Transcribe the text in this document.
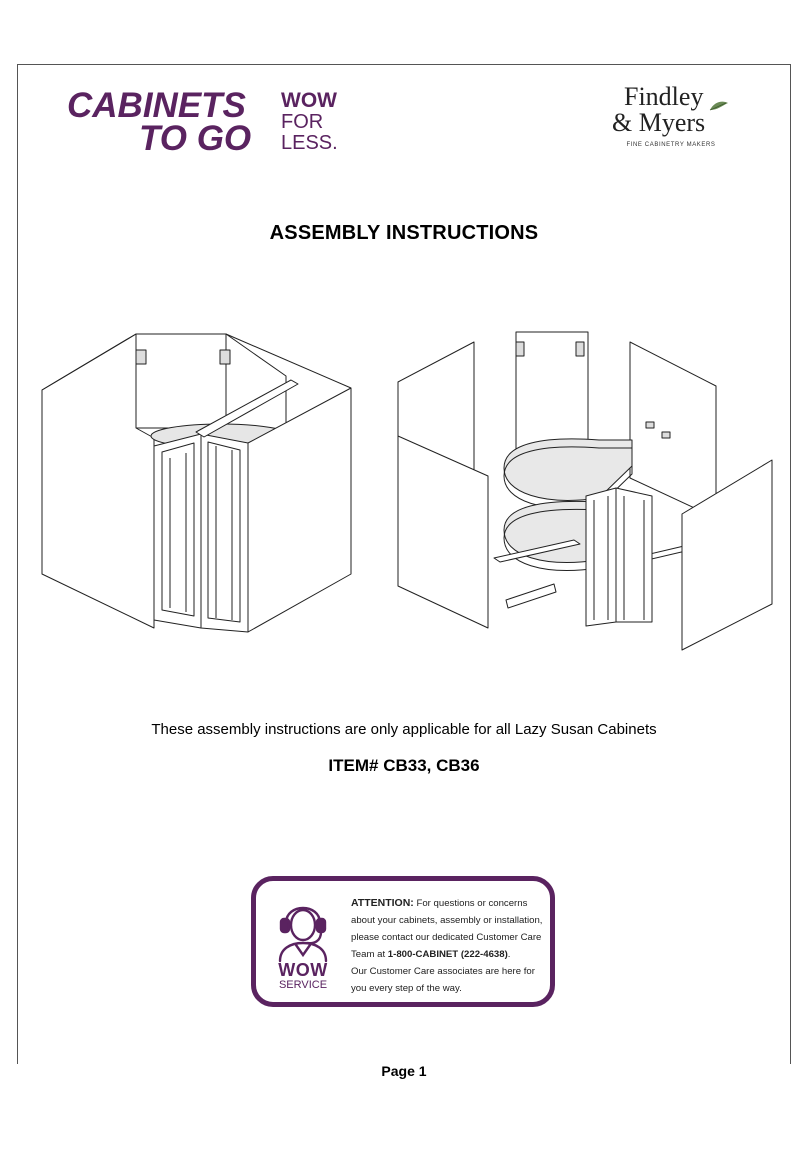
CABINETS
TO GO
WOW
FOR
LESS.
Findley
& Myers
FINE CABINETRY MAKERS
ASSEMBLY INSTRUCTIONS
These assembly instructions are only applicable for all Lazy Susan Cabinets
ITEM# CB33, CB36
WOW
SERVICE
ATTENTION: For questions or concerns
about your cabinets, assembly or installation,
please contact our dedicated Customer Care
Team at 1-800-CABINET (222-4638).
Our Customer Care associates are here for
you every step of the way.
Page 1
